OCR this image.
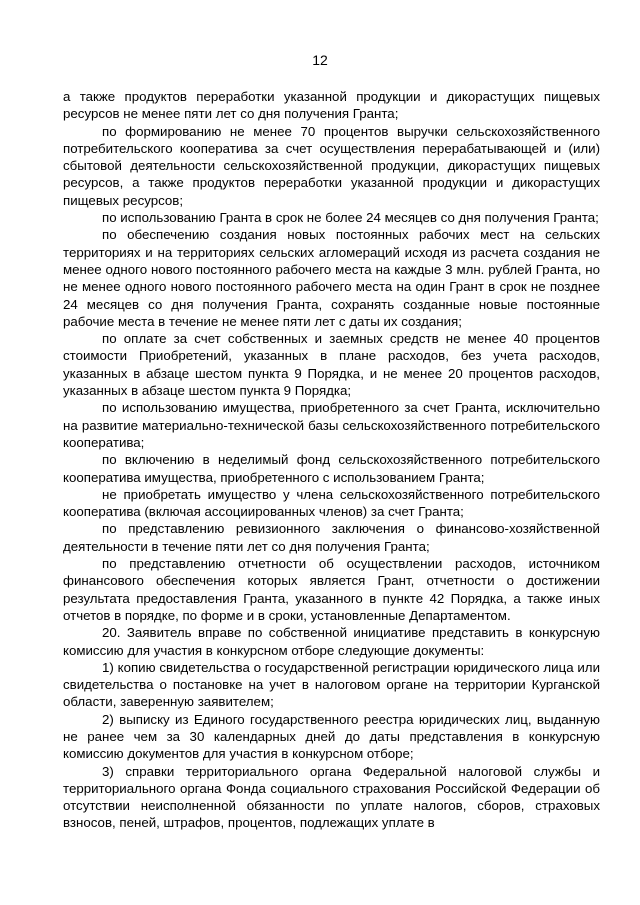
12

а также продуктов переработки указанной продукции и дикорастущих пищевых ресурсов не менее пяти лет со дня получения Гранта;

по формированию не менее 70 процентов выручки сельскохозяйственного потребительского кооператива за счет осуществления перерабатывающей и (или) сбытовой деятельности сельскохозяйственной продукции, дикорастущих пищевых ресурсов, а также продуктов переработки указанной продукции и дикорастущих пищевых ресурсов;

по использованию Гранта в срок не более 24 месяцев со дня получения Гранта;

по обеспечению создания новых постоянных рабочих мест на сельских территориях и на территориях сельских агломераций исходя из расчета создания не менее одного нового постоянного рабочего места на каждые 3 млн. рублей Гранта, но не менее одного нового постоянного рабочего места на один Грант в срок не позднее 24 месяцев со дня получения Гранта, сохранять созданные новые постоянные рабочие места в течение не менее пяти лет с даты их создания;

по оплате за счет собственных и заемных средств не менее 40 процентов стоимости Приобретений, указанных в плане расходов, без учета расходов, указанных в абзаце шестом пункта 9 Порядка, и не менее 20 процентов расходов, указанных в абзаце шестом пункта 9 Порядка;

по использованию имущества, приобретенного за счет Гранта, исключительно на развитие материально-технической базы сельскохозяйственного потребительского кооператива;

по включению в неделимый фонд сельскохозяйственного потребительского кооператива имущества, приобретенного с использованием Гранта;

не приобретать имущество у члена сельскохозяйственного потребительского кооператива (включая ассоциированных членов) за счет Гранта;

по представлению ревизионного заключения о финансово-хозяйственной деятельности в течение пяти лет со дня получения Гранта;

по представлению отчетности об осуществлении расходов, источником финансового обеспечения которых является Грант, отчетности о достижении результата предоставления Гранта, указанного в пункте 42 Порядка, а также иных отчетов в порядке, по форме и в сроки, установленные Департаментом.

20. Заявитель вправе по собственной инициативе представить в конкурсную комиссию для участия в конкурсном отборе следующие документы:

1) копию свидетельства о государственной регистрации юридического лица или свидетельства о постановке на учет в налоговом органе на территории Курганской области, заверенную заявителем;

2) выписку из Единого государственного реестра юридических лиц, выданную не ранее чем за 30 календарных дней до даты представления в конкурсную комиссию документов для участия в конкурсном отборе;

3) справки территориального органа Федеральной налоговой службы и территориального органа Фонда социального страхования Российской Федерации об отсутствии неисполненной обязанности по уплате налогов, сборов, страховых взносов, пеней, штрафов, процентов, подлежащих уплате в
